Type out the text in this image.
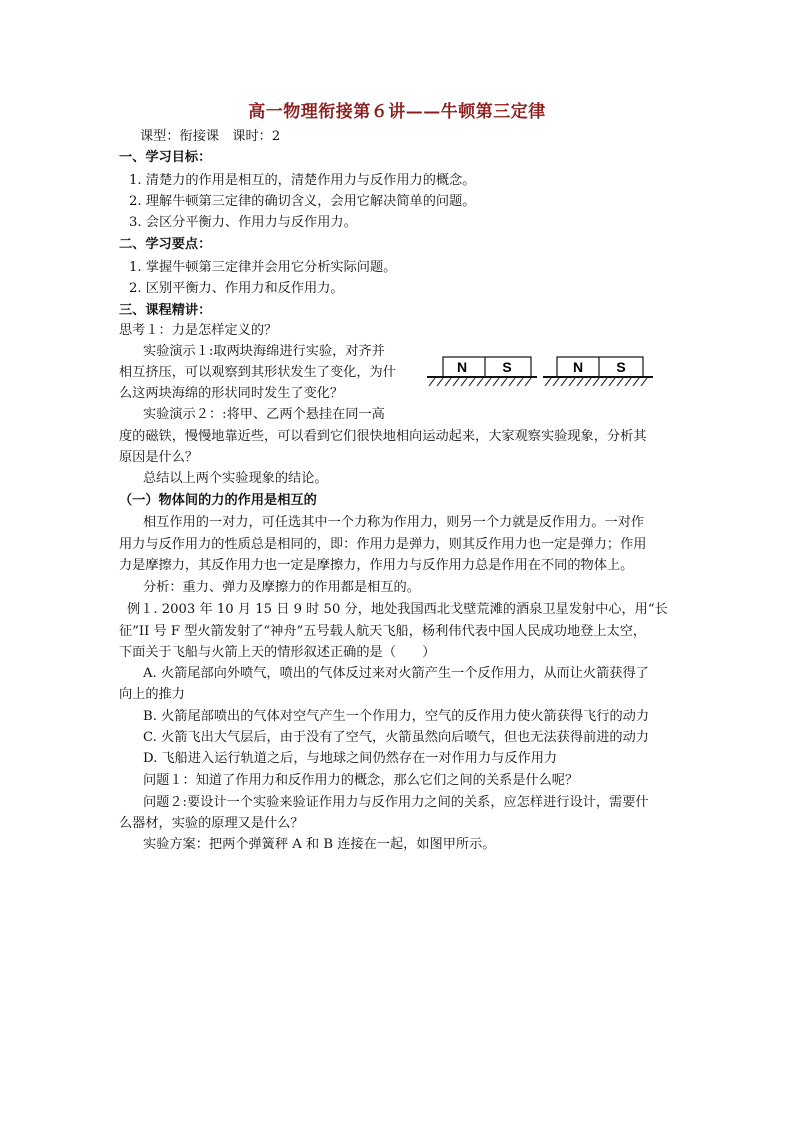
高一物理衔接第６讲——牛顿第三定律
课型：衔接课　课时：2
一、学习目标：
1. 清楚力的作用是相互的，清楚作用力与反作用力的概念。
2. 理解牛顿第三定律的确切含义，会用它解决简单的问题。
3. 会区分平衡力、作用力与反作用力。
二、学习要点：
1. 掌握牛顿第三定律并会用它分析实际问题。
2. 区别平衡力、作用力和反作用力。
三、课程精讲：
思考１：力是怎样定义的？
实验演示１:取两块海绵进行实验，对齐并
相互挤压，可以观察到其形状发生了变化，为什
么这两块海绵的形状同时发生了变化？
N	S	N S
实验演示２：:将甲、乙两个悬挂在同一高
度的磁铁，慢慢地靠近些，可以看到它们很快地相向运动起来，大家观察实验现象，分析其
原因是什么？
总结以上两个实验现象的结论。
（一）物体间的力的作用是相互的
相互作用的一对力，可任选其中一个力称为作用力，则另一个力就是反作用力。一对作
用力与反作用力的性质总是相同的，即：作用力是弹力，则其反作用力也一定是弹力；作用
力是摩擦力，其反作用力也一定是摩擦力，作用力与反作用力总是作用在不同的物体上。
分析：重力、弹力及摩擦力的作用都是相互的。
例１. 2003 年 10 月 15 日 9 时 50 分，地处我国西北戈壁荒滩的酒泉卫星发射中心，用“长
征”II 号 F 型火箭发射了“神舟”五号载人航天飞船，杨利伟代表中国人民成功地登上太空，
下面关于飞船与火箭上天的情形叙述正确的是（　　）
A. 火箭尾部向外喷气，喷出的气体反过来对火箭产生一个反作用力，从而让火箭获得了
向上的推力
B. 火箭尾部喷出的气体对空气产生一个作用力，空气的反作用力使火箭获得飞行的动力
C. 火箭飞出大气层后，由于没有了空气，火箭虽然向后喷气，但也无法获得前进的动力
D. 飞船进入运行轨道之后，与地球之间仍然存在一对作用力与反作用力
问题１：知道了作用力和反作用力的概念，那么它们之间的关系是什么呢？
问题２:要设计一个实验来验证作用力与反作用力之间的关系，应怎样进行设计，需要什
么器材，实验的原理又是什么？
实验方案：把两个弹簧秤 A 和 B 连接在一起，如图甲所示。
